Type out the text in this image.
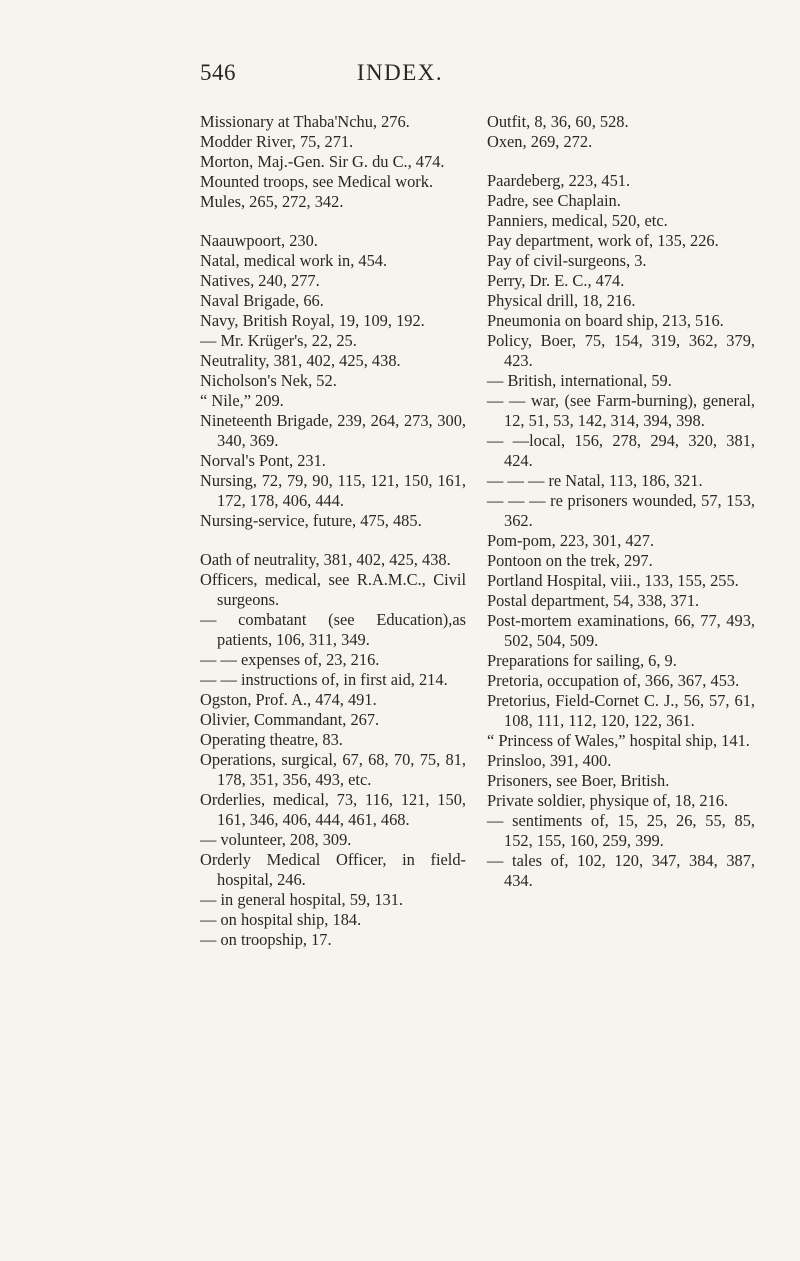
546	INDEX.
Missionary at Thaba'Nchu, 276.
Modder River, 75, 271.
Morton, Maj.-Gen. Sir G. du C., 474.
Mounted troops, see Medical work.
Mules, 265, 272, 342.
Naauwpoort, 230.
Natal, medical work in, 454.
Natives, 240, 277.
Naval Brigade, 66.
Navy, British Royal, 19, 109, 192.
— Mr. Krüger's, 22, 25.
Neutrality, 381, 402, 425, 438.
Nicholson's Nek, 52.
“ Nile,” 209.
Nineteenth Brigade, 239, 264, 273, 300, 340, 369.
Norval's Pont, 231.
Nursing, 72, 79, 90, 115, 121, 150, 161, 172, 178, 406, 444.
Nursing-service, future, 475, 485.
Oath of neutrality, 381, 402, 425, 438.
Officers, medical, see R.A.M.C., Civil surgeons.
— combatant (see Education),as patients, 106, 311, 349.
— — expenses of, 23, 216.
— — instructions of, in first aid, 214.
Ogston, Prof. A., 474, 491.
Olivier, Commandant, 267.
Operating theatre, 83.
Operations, surgical, 67, 68, 70, 75, 81, 178, 351, 356, 493, etc.
Orderlies, medical, 73, 116, 121, 150, 161, 346, 406, 444, 461, 468.
— volunteer, 208, 309.
Orderly Medical Officer, in field-hospital, 246.
— in general hospital, 59, 131.
— on hospital ship, 184.
— on troopship, 17.
Outfit, 8, 36, 60, 528.
Oxen, 269, 272.
Paardeberg, 223, 451.
Padre, see Chaplain.
Panniers, medical, 520, etc.
Pay department, work of, 135, 226.
Pay of civil-surgeons, 3.
Perry, Dr. E. C., 474.
Physical drill, 18, 216.
Pneumonia on board ship, 213, 516.
Policy, Boer, 75, 154, 319, 362, 379, 423.
— British, international, 59.
— — war, (see Farm-burning), general, 12, 51, 53, 142, 314, 394, 398.
— —local, 156, 278, 294, 320, 381, 424.
— — — re Natal, 113, 186, 321.
— — — re prisoners wounded, 57, 153, 362.
Pom-pom, 223, 301, 427.
Pontoon on the trek, 297.
Portland Hospital, viii., 133, 155, 255.
Postal department, 54, 338, 371.
Post-mortem examinations, 66, 77, 493, 502, 504, 509.
Preparations for sailing, 6, 9.
Pretoria, occupation of, 366, 367, 453.
Pretorius, Field-Cornet C. J., 56, 57, 61, 108, 111, 112, 120, 122, 361.
“ Princess of Wales,” hospital ship, 141.
Prinsloo, 391, 400.
Prisoners, see Boer, British.
Private soldier, physique of, 18, 216.
— sentiments of, 15, 25, 26, 55, 85, 152, 155, 160, 259, 399.
— tales of, 102, 120, 347, 384, 387, 434.
